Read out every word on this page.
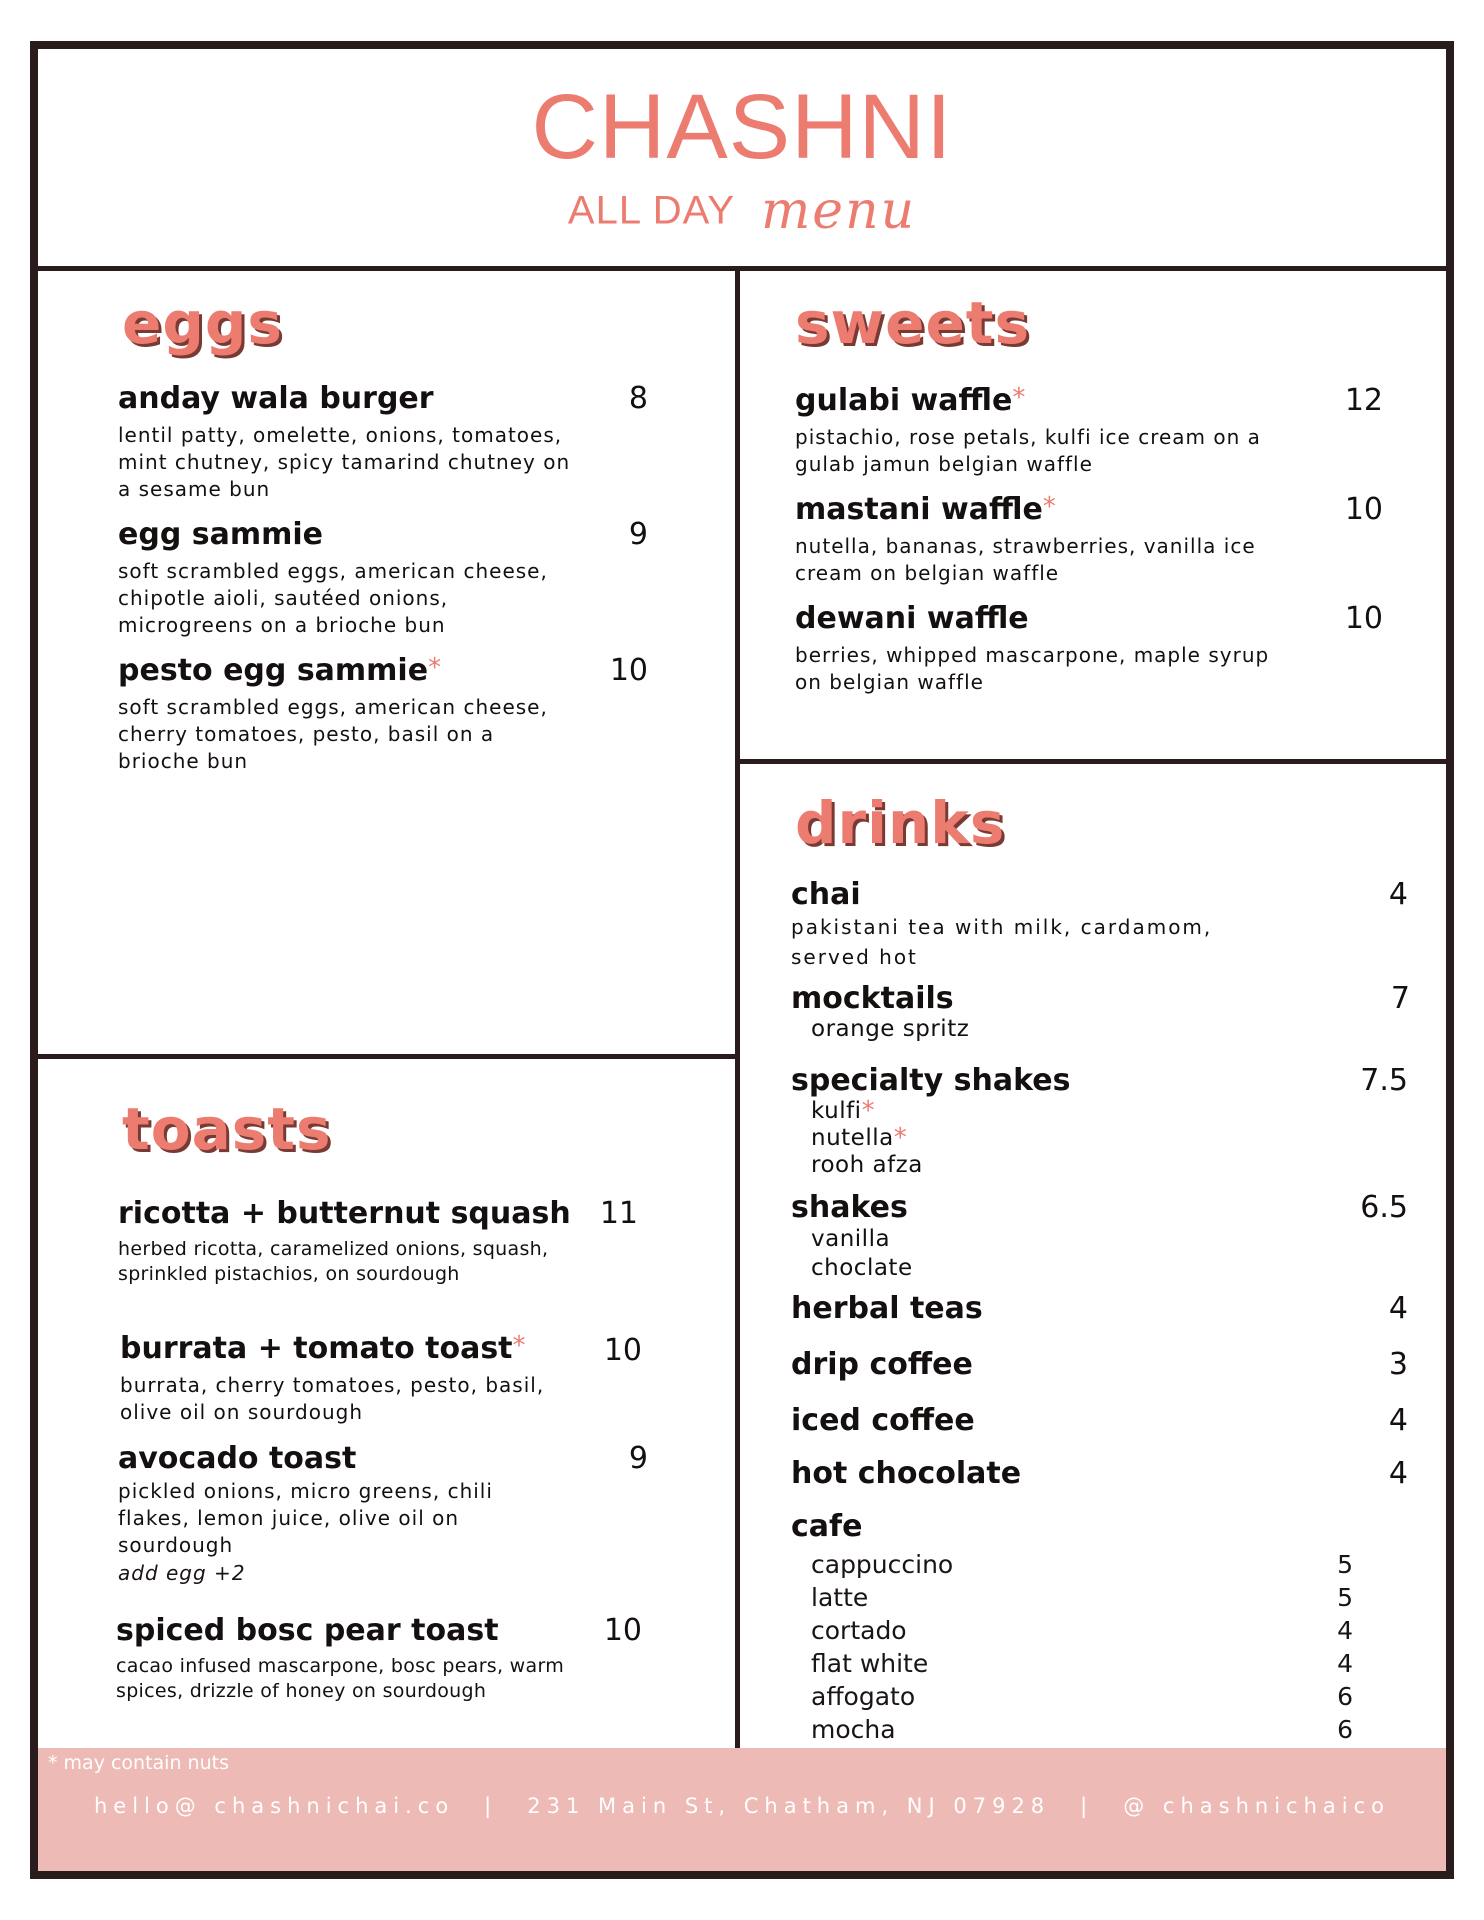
CHASHNI
ALL DAY menu
eggs
anday wala burger
lentil patty, omelette, onions, tomatoes, mint chutney, spicy tamarind chutney on a sesame bun
8
egg sammie
soft scrambled eggs, american cheese, chipotle aioli, sautéed onions, microgreens on a brioche bun
9
pesto egg sammie*
soft scrambled eggs, american cheese, cherry tomatoes, pesto, basil on a brioche bun
10
sweets
gulabi waffle*
pistachio, rose petals, kulfi ice cream on a gulab jamun belgian waffle
12
mastani waffle*
nutella, bananas, strawberries, vanilla ice cream on belgian waffle
10
dewani waffle
berries, whipped mascarpone, maple syrup on belgian waffle
10
toasts
ricotta + butternut squash
herbed ricotta, caramelized onions, squash, sprinkled pistachios, on sourdough
11
burrata + tomato toast*
burrata, cherry tomatoes, pesto, basil, olive oil on sourdough
10
avocado toast
pickled onions, micro greens, chili flakes, lemon juice, olive oil on sourdough
add egg +2
9
spiced bosc pear toast
cacao infused mascarpone, bosc pears, warm spices, drizzle of honey on sourdough
10
drinks
chai
pakistani tea with milk, cardamom, served hot
4
mocktails
orange spritz
7
specialty shakes
kulfi*
nutella*
rooh afza
7.5
shakes
vanilla
choclate
6.5
herbal teas	4
drip coffee	3
iced coffee	4
hot chocolate	4
cafe
cappuccino	5
latte	5
cortado	4
flat white	4
affogato	6
mocha	6
* may contain nuts
hello@ chashnichai.co | 231 Main St, Chatham, NJ 07928 | @ chashnichaico
